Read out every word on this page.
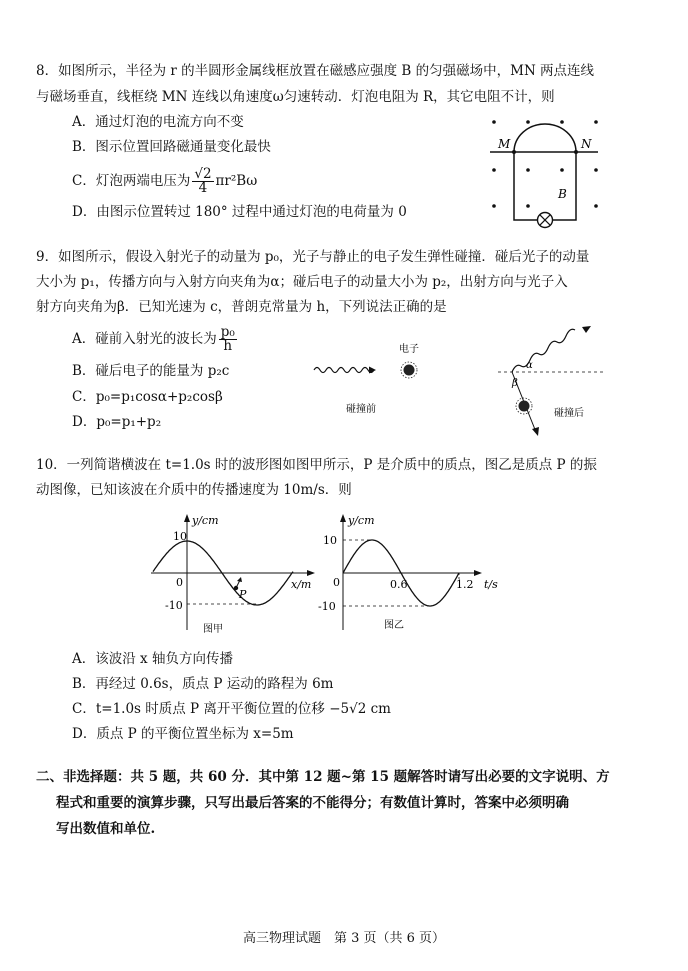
8．如图所示，半径为 r 的半圆形金属线框放置在磁感应强度 B 的匀强磁场中，MN 两点连线
与磁场垂直，线框绕 MN 连线以角速度ω匀速转动．灯泡电阻为 R，其它电阻不计，则
A．通过灯泡的电流方向不变
B．图示位置回路磁通量变化最快
C．灯泡两端电压为 $\frac{√2}{4} \pi r^2B\omega$
D．由图示位置转过 180° 过程中通过灯泡的电荷量为 0
M	N
B
9．如图所示，假设入射光子的动量为 p₀，光子与静止的电子发生弹性碰撞．碰后光子的动量
大小为 p₁，传播方向与入射方向夹角为α；碰后电子的动量大小为 p₂，出射方向与光子入
射方向夹角为β．已知光速为 c，普朗克常量为 h，下列说法正确的是
A．碰前入射光的波长为 $\frac{\text{p₀}}{h}$
B．碰后电子的能量为 p₂c
C．p₀=p₁cosα+p₂cosβ
D．p₀=p₁+p₂
电子
碰撞前
α
β
碰撞后
10．一列简谐横波在 t=1.0s 时的波形图如图甲所示，P 是介质中的质点，图乙是质点 P 的振
动图像，已知该波在介质中的传播速度为 10m/s．则
10
-10
0
y/cm
x/m
P
图甲
10
-10
0	0.6	1.2
y/cm
t/s
图乙
A．该波沿 x 轴负方向传播
B．再经过 0.6s，质点 P 运动的路程为 6m
C．t=1.0s 时质点 P 离开平衡位置的位移 −5√2 cm
D．质点 P 的平衡位置坐标为 x=5m
二、非选择题：共 5 题，共 60 分．其中第 12 题~第 15 题解答时请写出必要的文字说明、方
程式和重要的演算步骤，只写出最后答案的不能得分；有数值计算时，答案中必须明确
写出数值和单位.
高三物理试题　第 3 页（共 6 页）
